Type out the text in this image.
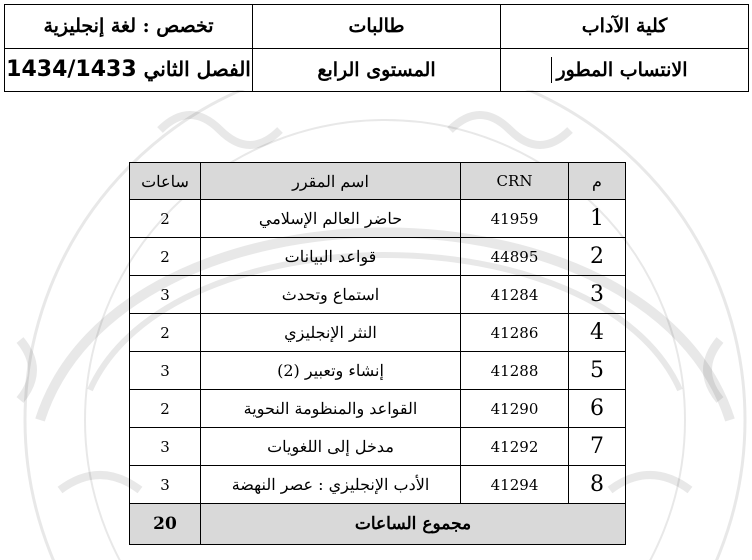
كلية الآداب	طالبات	تخصص : لغة إنجليزية
الانتساب المطور	المستوى الرابع	الفصل الثاني 1434/1433
م	CRN	اسم المقرر	ساعات
1	41959	حاضر العالم الإسلامي	2
2	44895	قواعد البيانات	2
3	41284	استماع وتحدث	3
4	41286	النثر الإنجليزي	2
5	41288	إنشاء وتعبير (2)	3
6	41290	القواعد والمنظومة النحوية	2
7	41292	مدخل إلى اللغويات	3
8	41294	الأدب الإنجليزي : عصر النهضة	3
مجموع الساعات			20
